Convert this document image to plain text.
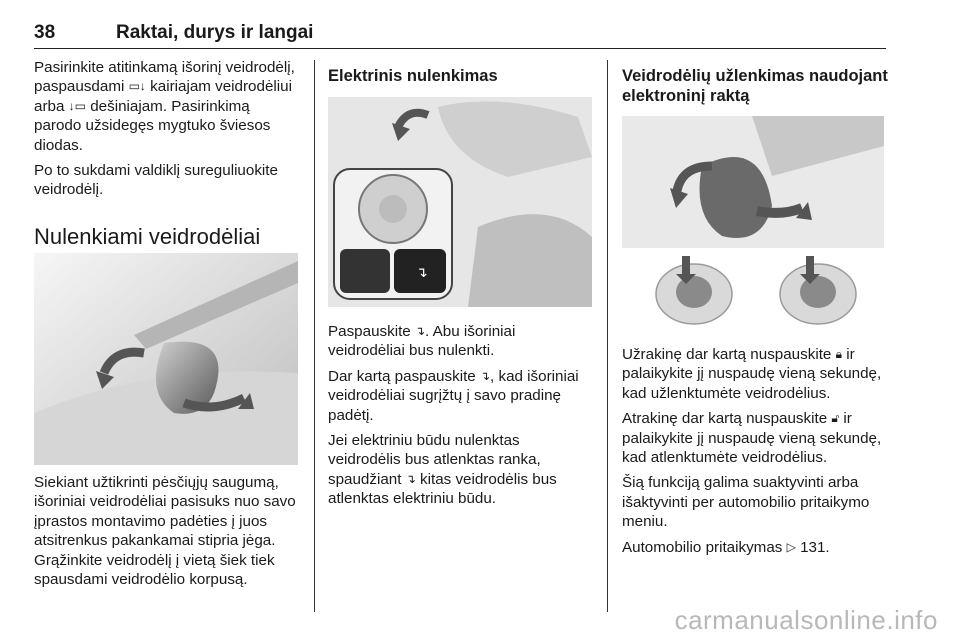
38	Raktai, durys ir langai

Pasirinkite atitinkamą išorinį veidrodėlį, paspausdami ▭↓ kairiajam veidrodėliui arba ↓▭ dešiniajam. Pasirinkimą parodo užsidegęs mygtuko šviesos diodas.

Po to sukdami valdiklį sureguliuokite veidrodėlį.

Nulenkiami veidrodėliai

Siekiant užtikrinti pėsčiųjų saugumą, išoriniai veidrodėliai pasisuks nuo savo įprastos montavimo padėties į juos atsitrenkus pakankamai stipria jėga. Grąžinkite veidrodėlį į vietą šiek tiek spausdami veidrodėlio korpusą.

Elektrinis nulenkimas
↴

Paspauskite ↴. Abu išoriniai veidrodėliai bus nulenkti.

Dar kartą paspauskite ↴, kad išoriniai veidrodėliai sugrįžtų į savo pradinę padėtį.

Jei elektriniu būdu nulenktas veidrodėlis bus atlenktas ranka, spaudžiant ↴ kitas veidrodėlis bus atlenktas elektriniu būdu.

Veidrodėlių užlenkimas naudojant elektroninį raktą

Užrakinę dar kartą nuspauskite 🔒︎ ir palaikykite jį nuspaudę vieną sekundę, kad užlenktumėte veidrodėlius.

Atrakinę dar kartą nuspauskite 🔓︎ ir palaikykite jį nuspaudę vieną sekundę, kad atlenktumėte veidrodėlius.

Šią funkciją galima suaktyvinti arba išaktyvinti per automobilio pritaikymo meniu.

Automobilio pritaikymas ▷ 131.

carmanualsonline.info
